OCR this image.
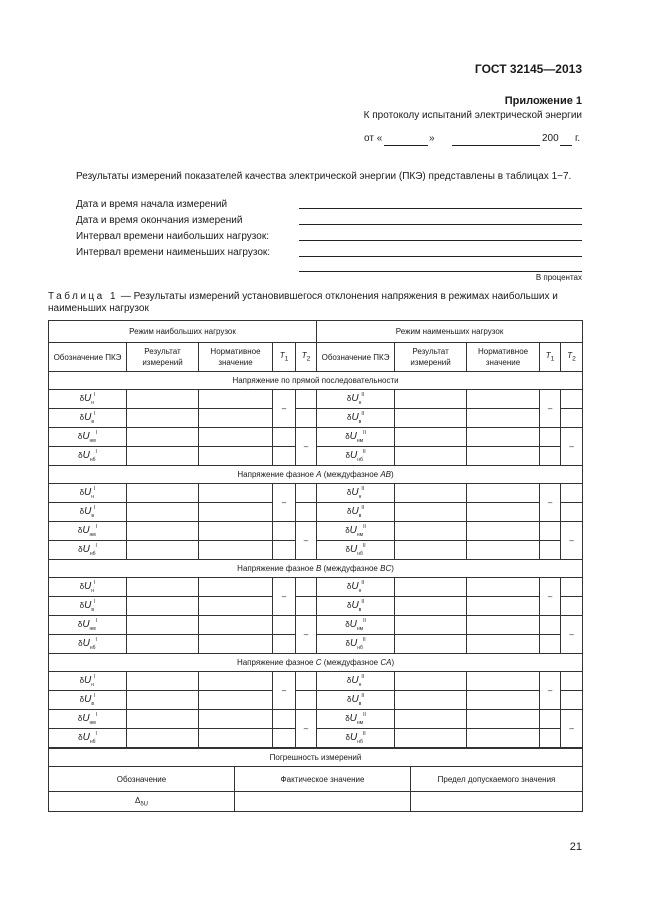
ГОСТ 32145—2013
Приложение 1
К протоколу испытаний электрической энергии
от «	»	200 г.
Результаты измерений показателей качества электрической энергии (ПКЭ) представлены в таблицах 1−7.
Дата и время начала измерений
Дата и время окончания измерений
Интервал времени наибольших нагрузок:
Интервал времени наименьших нагрузок:
В процентах
Таблица 1 — Результаты измерений установившегося отклонения напряжения в режимах наибольших и наименьших нагрузок
Режим наибольших нагрузок					Режим наименьших нагрузок				
Обозначение ПКЭ	Результат измерений	Нормативное значение	$T_1$	$T_2$	Обозначение ПКЭ	Результат измерений	Нормативное значение	$T_1$	$T_2$
Напряжение по прямой последовательности									
$\delta U_н^I$			–		$\delta U_н^{II}$			–	
$\delta U_в^I$					$\delta U_в^{II}$			
$\delta U_{нм}^I$				–	$\delta U_{нм}^{II}$				–
$\delta U_{нб}^I$					$\delta U_{нб}^{II}$			
Напряжение фазное A (междуфазное AB)									
$\delta U_н^I$			–		$\delta U_н^{II}$			–	
$\delta U_в^I$					$\delta U_в^{II}$			
$\delta U_{нм}^I$				–	$\delta U_{нм}^{II}$				–
$\delta U_{нб}^I$					$\delta U_{нб}^{II}$			
Напряжение фазное B (междуфазное BC)									
$\delta U_н^I$			–		$\delta U_н^{II}$			–	
$\delta U_в^I$					$\delta U_в^{II}$			
$\delta U_{нм}^I$				–	$\delta U_{нм}^{II}$				–
$\delta U_{нб}^I$					$\delta U_{нб}^{II}$			
Напряжение фазное C (междуфазное CA)									
$\delta U_н^I$			–		$\delta U_н^{II}$			–	
$\delta U_в^I$					$\delta U_в^{II}$			
$\delta U_{нм}^I$				–	$\delta U_{нм}^{II}$				–
$\delta U_{нб}^I$					$\delta U_{нб}^{II}$			
Погрешность измерений		
Обозначение	Фактическое значение	Предел допускаемого значения
$\Delta_{\delta U}$		
21
